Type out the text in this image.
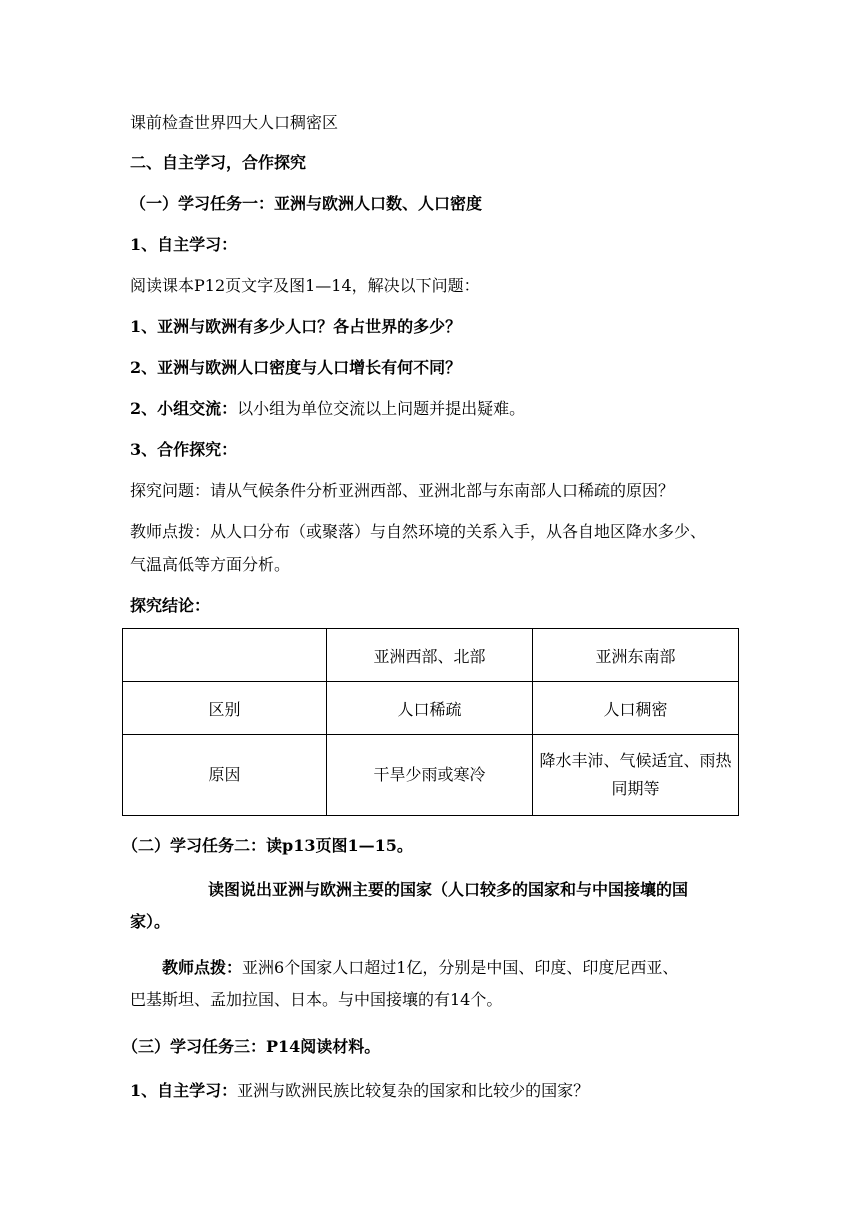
课前检查世界四大人口稠密区
二、自主学习，合作探究
（一）学习任务一：亚洲与欧洲人口数、人口密度
1、自主学习：
阅读课本P12页文字及图1—14，解决以下问题：
1、亚洲与欧洲有多少人口？各占世界的多少？
2、亚洲与欧洲人口密度与人口增长有何不同？
2、小组交流：以小组为单位交流以上问题并提出疑难。
3、合作探究：
探究问题：请从气候条件分析亚洲西部、亚洲北部与东南部人口稀疏的原因？
教师点拨：从人口分布（或聚落）与自然环境的关系入手，从各自地区降水多少、
气温高低等方面分析。
探究结论：
	亚洲西部、北部	亚洲东南部
区别	人口稀疏	人口稠密
原因	干旱少雨或寒冷	降水丰沛、气候适宜、雨热同期等
（二）学习任务二：读p13页图1—15。
读图说出亚洲与欧洲主要的国家（人口较多的国家和与中国接壤的国
家）。
教师点拨：亚洲6个国家人口超过1亿，分别是中国、印度、印度尼西亚、
巴基斯坦、孟加拉国、日本。与中国接壤的有14个。
（三）学习任务三：P14阅读材料。
1、自主学习：亚洲与欧洲民族比较复杂的国家和比较少的国家？
